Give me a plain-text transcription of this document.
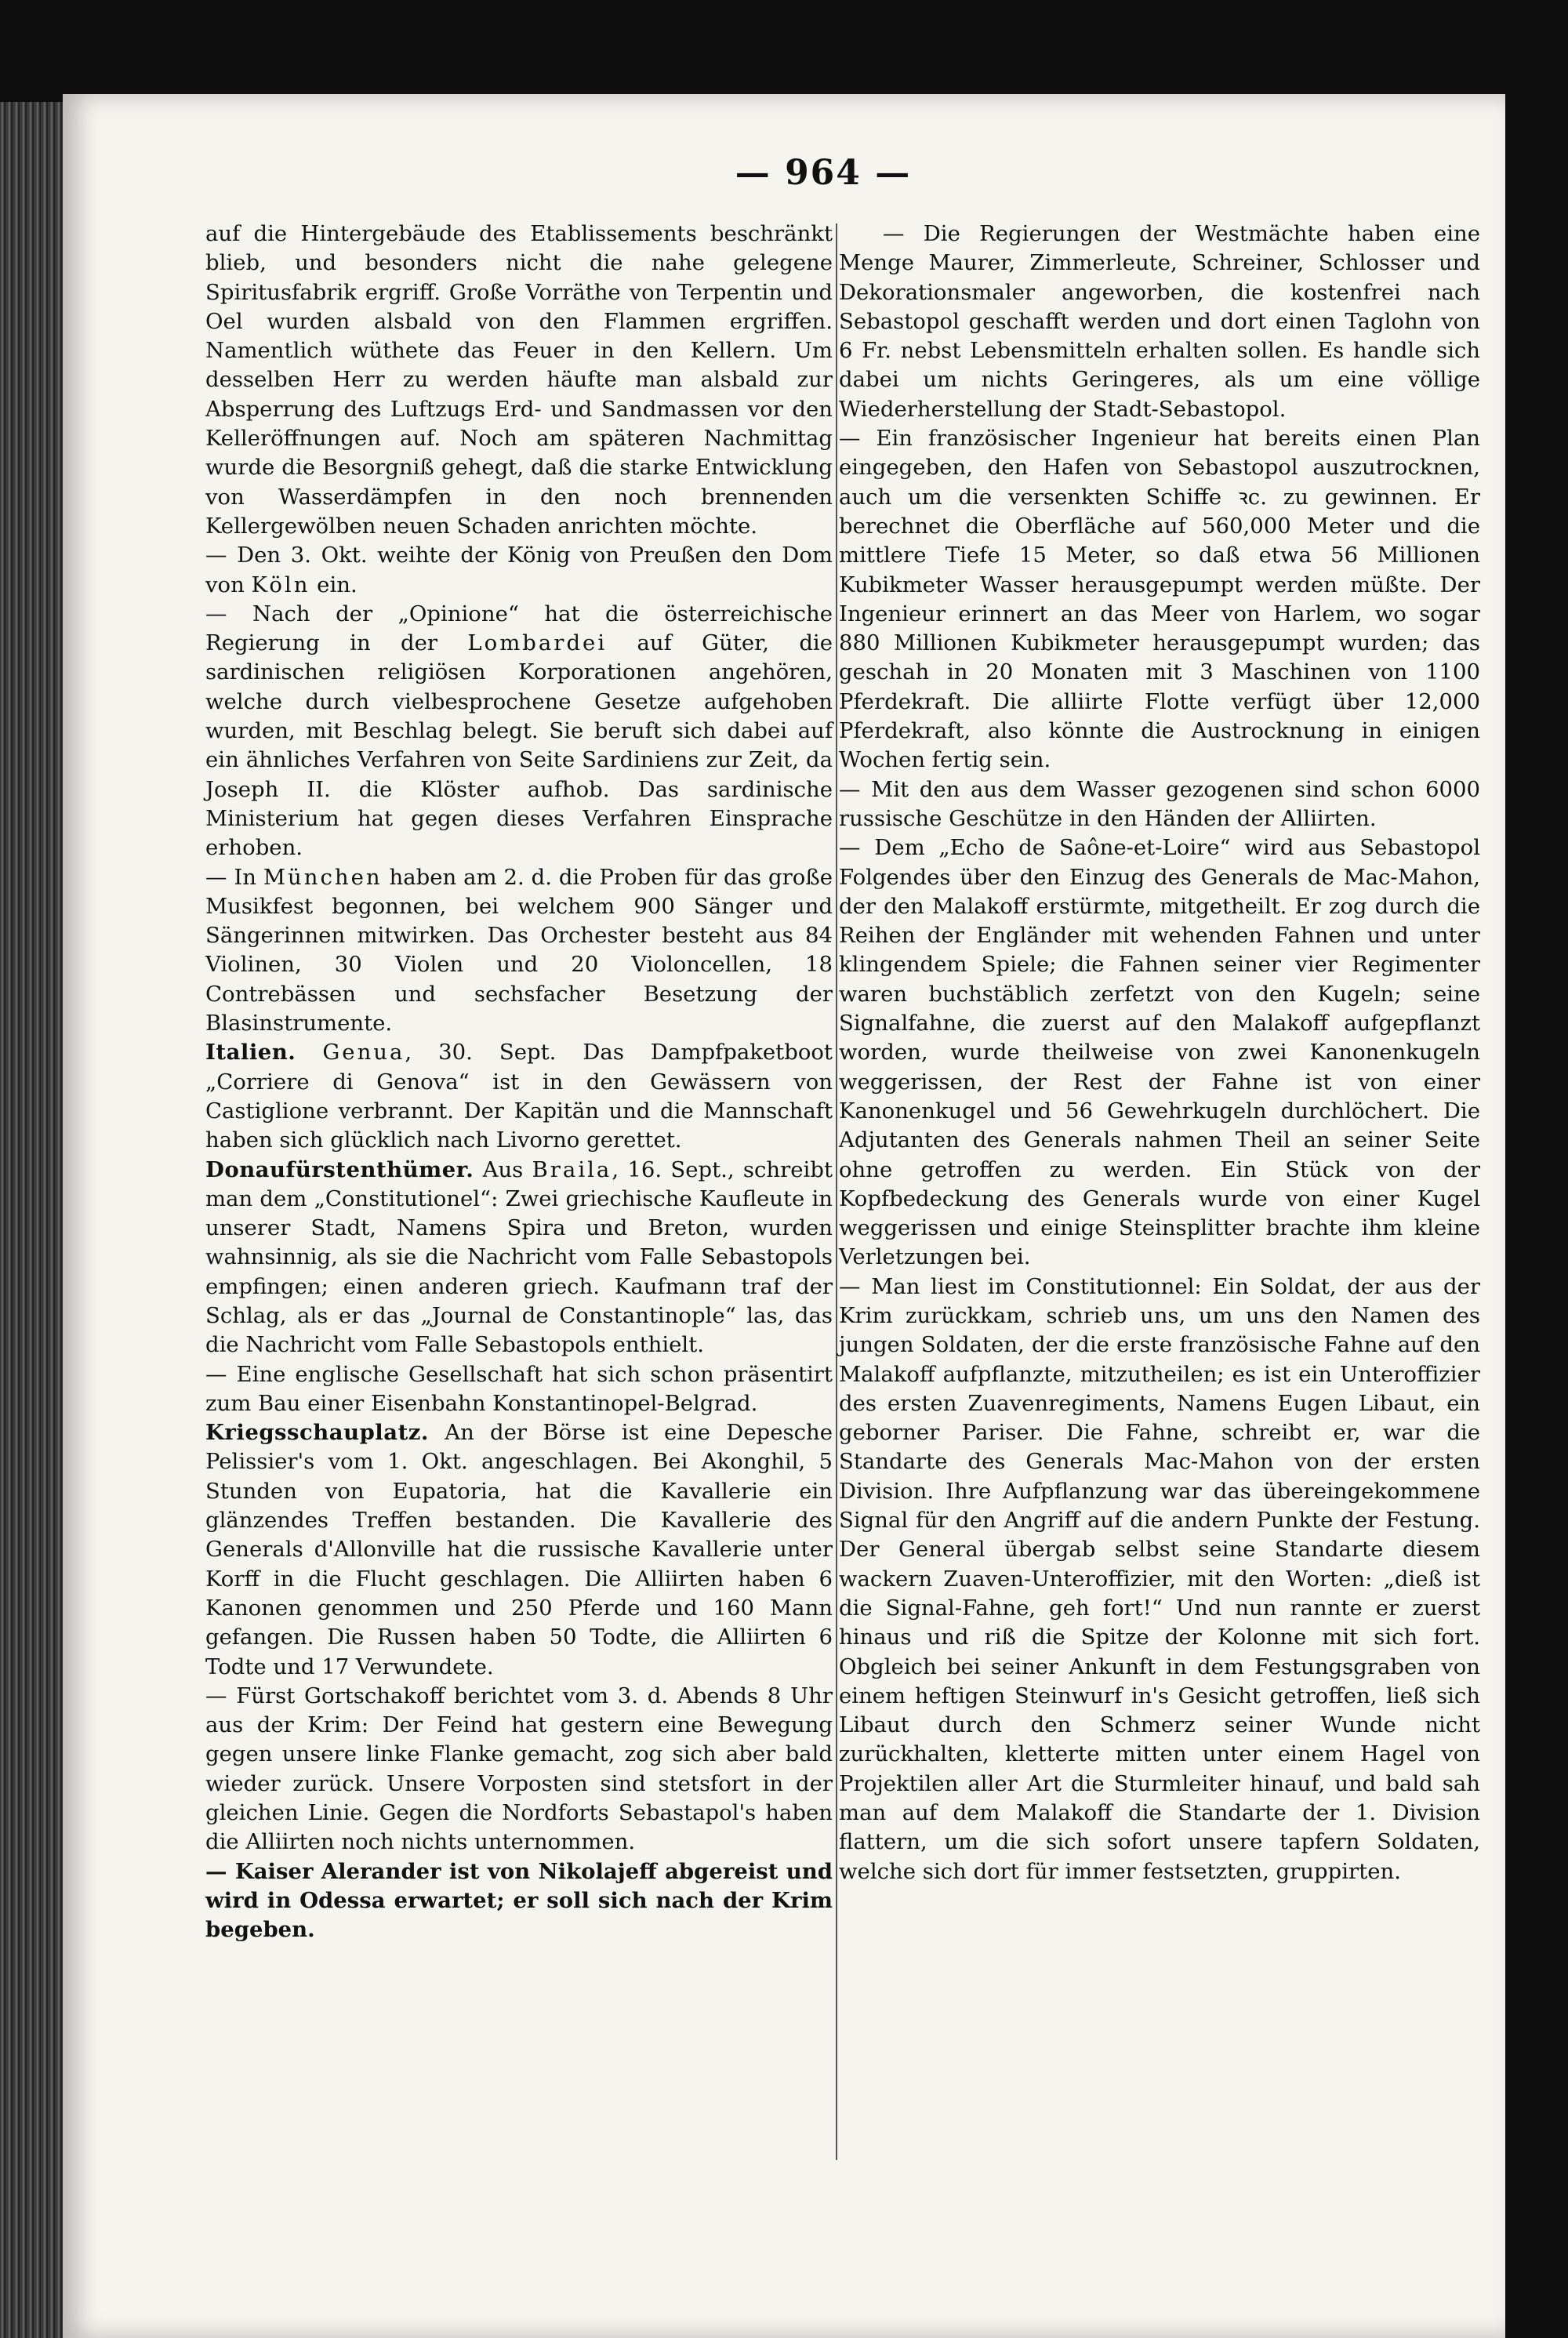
— 964 —

auf die Hintergebäude des Etablissements beschränkt blieb, und besonders nicht die nahe gelegene Spiritusfabrik ergriff. Große Vorräthe von Terpentin und Oel wurden alsbald von den Flammen ergriffen. Namentlich wüthete das Feuer in den Kellern. Um desselben Herr zu werden häufte man alsbald zur Absperrung des Luftzugs Erd- und Sandmassen vor den Kelleröffnungen auf. Noch am späteren Nachmittag wurde die Besorgniß gehegt, daß die starke Entwicklung von Wasserdämpfen in den noch brennenden Kellergewölben neuen Schaden anrichten möchte.

— Den 3. Okt. weihte der König von Preußen den Dom von Köln ein.

— Nach der „Opinione“ hat die österreichische Regierung in der Lombardei auf Güter, die sardinischen religiösen Korporationen angehören, welche durch vielbesprochene Gesetze aufgehoben wurden, mit Beschlag belegt. Sie beruft sich dabei auf ein ähnliches Verfahren von Seite Sardiniens zur Zeit, da Joseph II. die Klöster aufhob. Das sardinische Ministerium hat gegen dieses Verfahren Einsprache erhoben.

— In München haben am 2. d. die Proben für das große Musikfest begonnen, bei welchem 900 Sänger und Sängerinnen mitwirken. Das Orchester besteht aus 84 Violinen, 30 Violen und 20 Violoncellen, 18 Contrebässen und sechsfacher Besetzung der Blasinstrumente.

Italien. Genua, 30. Sept. Das Dampfpaketboot „Corriere di Genova“ ist in den Gewässern von Castiglione verbrannt. Der Kapitän und die Mannschaft haben sich glücklich nach Livorno gerettet.

Donaufürstenthümer. Aus Braila, 16. Sept., schreibt man dem „Constitutionel“: Zwei griechische Kaufleute in unserer Stadt, Namens Spira und Breton, wurden wahnsinnig, als sie die Nachricht vom Falle Sebastopols empfingen; einen anderen griech. Kaufmann traf der Schlag, als er das „Journal de Constantinople“ las, das die Nachricht vom Falle Sebastopols enthielt.

— Eine englische Gesellschaft hat sich schon präsentirt zum Bau einer Eisenbahn Konstantinopel-Belgrad.

Kriegsschauplatz. An der Börse ist eine Depesche Pelissier's vom 1. Okt. angeschlagen. Bei Akonghil, 5 Stunden von Eupatoria, hat die Kavallerie ein glänzendes Treffen bestanden. Die Kavallerie des Generals d'Allonville hat die russische Kavallerie unter Korff in die Flucht geschlagen. Die Alliirten haben 6 Kanonen genommen und 250 Pferde und 160 Mann gefangen. Die Russen haben 50 Todte, die Alliirten 6 Todte und 17 Verwundete.

— Fürst Gortschakoff berichtet vom 3. d. Abends 8 Uhr aus der Krim: Der Feind hat gestern eine Bewegung gegen unsere linke Flanke gemacht, zog sich aber bald wieder zurück. Unsere Vorposten sind stetsfort in der gleichen Linie. Gegen die Nordforts Sebastapol's haben die Alliirten noch nichts unternommen.

— Kaiser Alerander ist von Nikolajeff abgereist und wird in Odessa erwartet; er soll sich nach der Krim begeben.

— Die Regierungen der Westmächte haben eine Menge Maurer, Zimmerleute, Schreiner, Schlosser und Dekorationsmaler angeworben, die kostenfrei nach Sebastopol geschafft werden und dort einen Taglohn von 6 Fr. nebst Lebensmitteln erhalten sollen. Es handle sich dabei um nichts Geringeres, als um eine völlige Wiederherstellung der Stadt-Sebastopol.

— Ein französischer Ingenieur hat bereits einen Plan eingegeben, den Hafen von Sebastopol auszutrocknen, auch um die versenkten Schiffe ꝛc. zu gewinnen. Er berechnet die Oberfläche auf 560,000 Meter und die mittlere Tiefe 15 Meter, so daß etwa 56 Millionen Kubikmeter Wasser herausgepumpt werden müßte. Der Ingenieur erinnert an das Meer von Harlem, wo sogar 880 Millionen Kubikmeter herausgepumpt wurden; das geschah in 20 Monaten mit 3 Maschinen von 1100 Pferdekraft. Die alliirte Flotte verfügt über 12,000 Pferdekraft, also könnte die Austrocknung in einigen Wochen fertig sein.

— Mit den aus dem Wasser gezogenen sind schon 6000 russische Geschütze in den Händen der Alliirten.

— Dem „Echo de Saône-et-Loire“ wird aus Sebastopol Folgendes über den Einzug des Generals de Mac-Mahon, der den Malakoff erstürmte, mitgetheilt. Er zog durch die Reihen der Engländer mit wehenden Fahnen und unter klingendem Spiele; die Fahnen seiner vier Regimenter waren buchstäblich zerfetzt von den Kugeln; seine Signalfahne, die zuerst auf den Malakoff aufgepflanzt worden, wurde theilweise von zwei Kanonenkugeln weggerissen, der Rest der Fahne ist von einer Kanonenkugel und 56 Gewehrkugeln durchlöchert. Die Adjutanten des Generals nahmen Theil an seiner Seite ohne getroffen zu werden. Ein Stück von der Kopfbedeckung des Generals wurde von einer Kugel weggerissen und einige Steinsplitter brachte ihm kleine Verletzungen bei.

— Man liest im Constitutionnel: Ein Soldat, der aus der Krim zurückkam, schrieb uns, um uns den Namen des jungen Soldaten, der die erste französische Fahne auf den Malakoff aufpflanzte, mitzutheilen; es ist ein Unteroffizier des ersten Zuavenregiments, Namens Eugen Libaut, ein geborner Pariser. Die Fahne, schreibt er, war die Standarte des Generals Mac-Mahon von der ersten Division. Ihre Aufpflanzung war das übereingekommene Signal für den Angriff auf die andern Punkte der Festung. Der General übergab selbst seine Standarte diesem wackern Zuaven-Unteroffizier, mit den Worten: „dieß ist die Signal-Fahne, geh fort!“ Und nun rannte er zuerst hinaus und riß die Spitze der Kolonne mit sich fort. Obgleich bei seiner Ankunft in dem Festungsgraben von einem heftigen Steinwurf in's Gesicht getroffen, ließ sich Libaut durch den Schmerz seiner Wunde nicht zurückhalten, kletterte mitten unter einem Hagel von Projektilen aller Art die Sturmleiter hinauf, und bald sah man auf dem Malakoff die Standarte der 1. Division flattern, um die sich sofort unsere tapfern Soldaten, welche sich dort für immer festsetzten, gruppirten.
